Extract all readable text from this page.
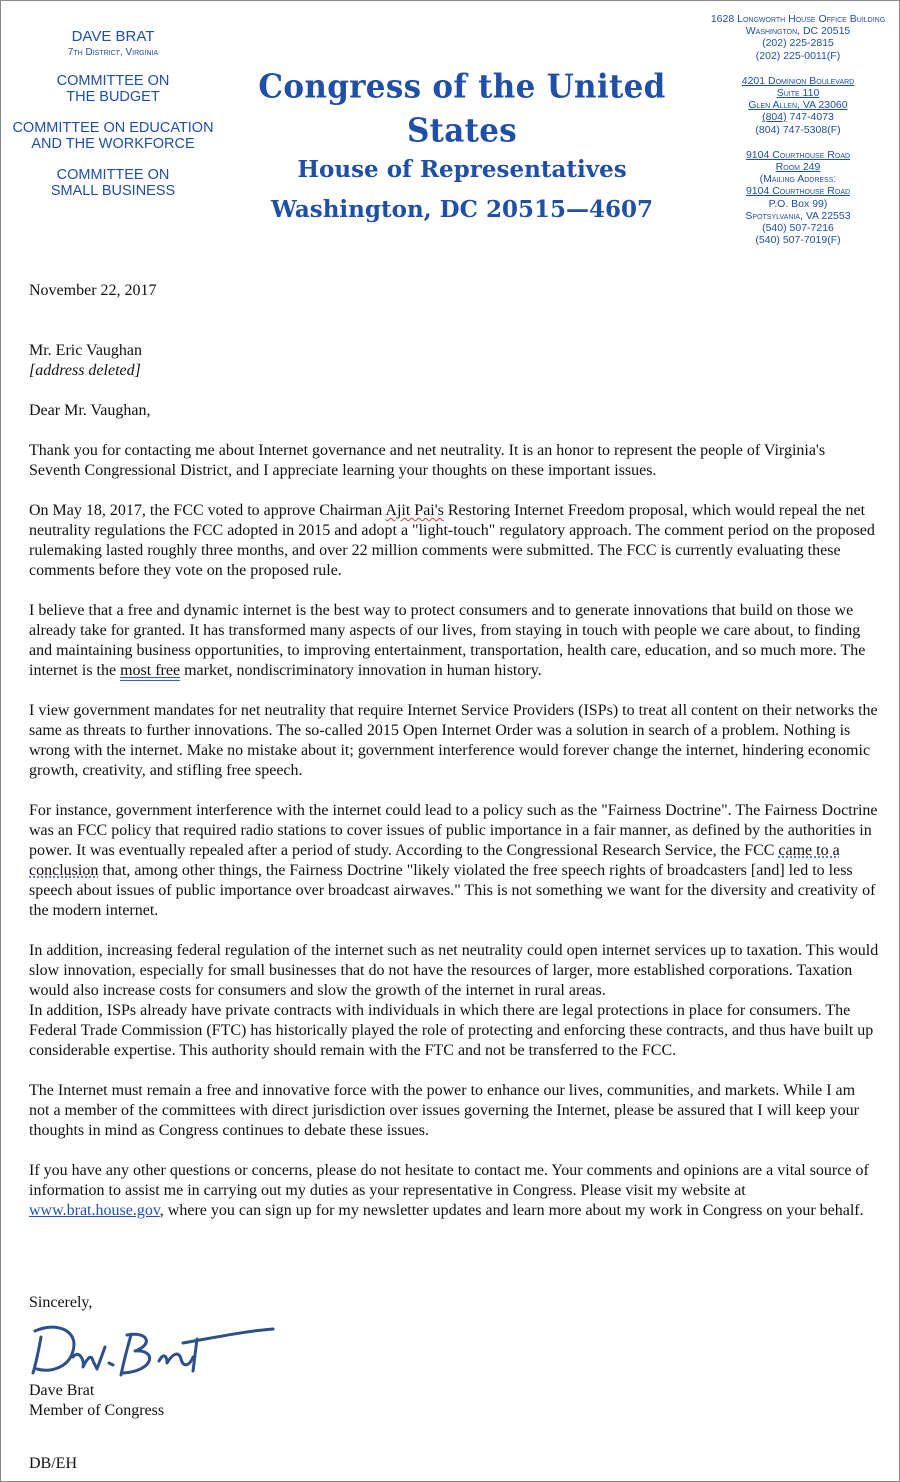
DAVE BRAT
7th District, Virginia
COMMITTEE ON
THE BUDGET
COMMITTEE ON EDUCATION
AND THE WORKFORCE
COMMITTEE ON
SMALL BUSINESS
Congress of the United States
House of Representatives
Washington, DC 20515—4607
1628 Longworth House Office Building
Washington, DC 20515
(202) 225-2815
(202) 225-0011(F)
4201 Dominion Boulevard
Suite 110
Glen Allen, VA 23060
(804) 747-4073
(804) 747-5308(F)
9104 Courthouse Road
Room 249
(Mailing Address:
9104 Courthouse Road
P.O. Box 99)
Spotsylvania, VA 22553
(540) 507-7216
(540) 507-7019(F)

November 22, 2017

Mr. Eric Vaughan
[address deleted]

Dear Mr. Vaughan,

Thank you for contacting me about Internet governance and net neutrality. It is an honor to represent the people of Virginia's Seventh Congressional District, and I appreciate learning your thoughts on these important issues.

On May 18, 2017, the FCC voted to approve Chairman Ajit Pai's Restoring Internet Freedom proposal, which would repeal the net neutrality regulations the FCC adopted in 2015 and adopt a "light-touch" regulatory approach. The comment period on the proposed rulemaking lasted roughly three months, and over 22 million comments were submitted. The FCC is currently evaluating these comments before they vote on the proposed rule.

I believe that a free and dynamic internet is the best way to protect consumers and to generate innovations that build on those we already take for granted. It has transformed many aspects of our lives, from staying in touch with people we care about, to finding and maintaining business opportunities, to improving entertainment, transportation, health care, education, and so much more. The internet is the most free market, nondiscriminatory innovation in human history.

I view government mandates for net neutrality that require Internet Service Providers (ISPs) to treat all content on their networks the same as threats to further innovations. The so-called 2015 Open Internet Order was a solution in search of a problem. Nothing is wrong with the internet. Make no mistake about it; government interference would forever change the internet, hindering economic growth, creativity, and stifling free speech.

For instance, government interference with the internet could lead to a policy such as the "Fairness Doctrine". The Fairness Doctrine was an FCC policy that required radio stations to cover issues of public importance in a fair manner, as defined by the authorities in power. It was eventually repealed after a period of study. According to the Congressional Research Service, the FCC came to a conclusion that, among other things, the Fairness Doctrine "likely violated the free speech rights of broadcasters [and] led to less speech about issues of public importance over broadcast airwaves." This is not something we want for the diversity and creativity of the modern internet.

In addition, increasing federal regulation of the internet such as net neutrality could open internet services up to taxation. This would slow innovation, especially for small businesses that do not have the resources of larger, more established corporations. Taxation would also increase costs for consumers and slow the growth of the internet in rural areas.

In addition, ISPs already have private contracts with individuals in which there are legal protections in place for consumers. The Federal Trade Commission (FTC) has historically played the role of protecting and enforcing these contracts, and thus have built up considerable expertise. This authority should remain with the FTC and not be transferred to the FCC.

The Internet must remain a free and innovative force with the power to enhance our lives, communities, and markets. While I am not a member of the committees with direct jurisdiction over issues governing the Internet, please be assured that I will keep your thoughts in mind as Congress continues to debate these issues.

If you have any other questions or concerns, please do not hesitate to contact me. Your comments and opinions are a vital source of information to assist me in carrying out my duties as your representative in Congress. Please visit my website at www.brat.house.gov, where you can sign up for my newsletter updates and learn more about my work in Congress on your behalf.

Sincerely,
Dave Brat
Member of Congress
DB/EH
